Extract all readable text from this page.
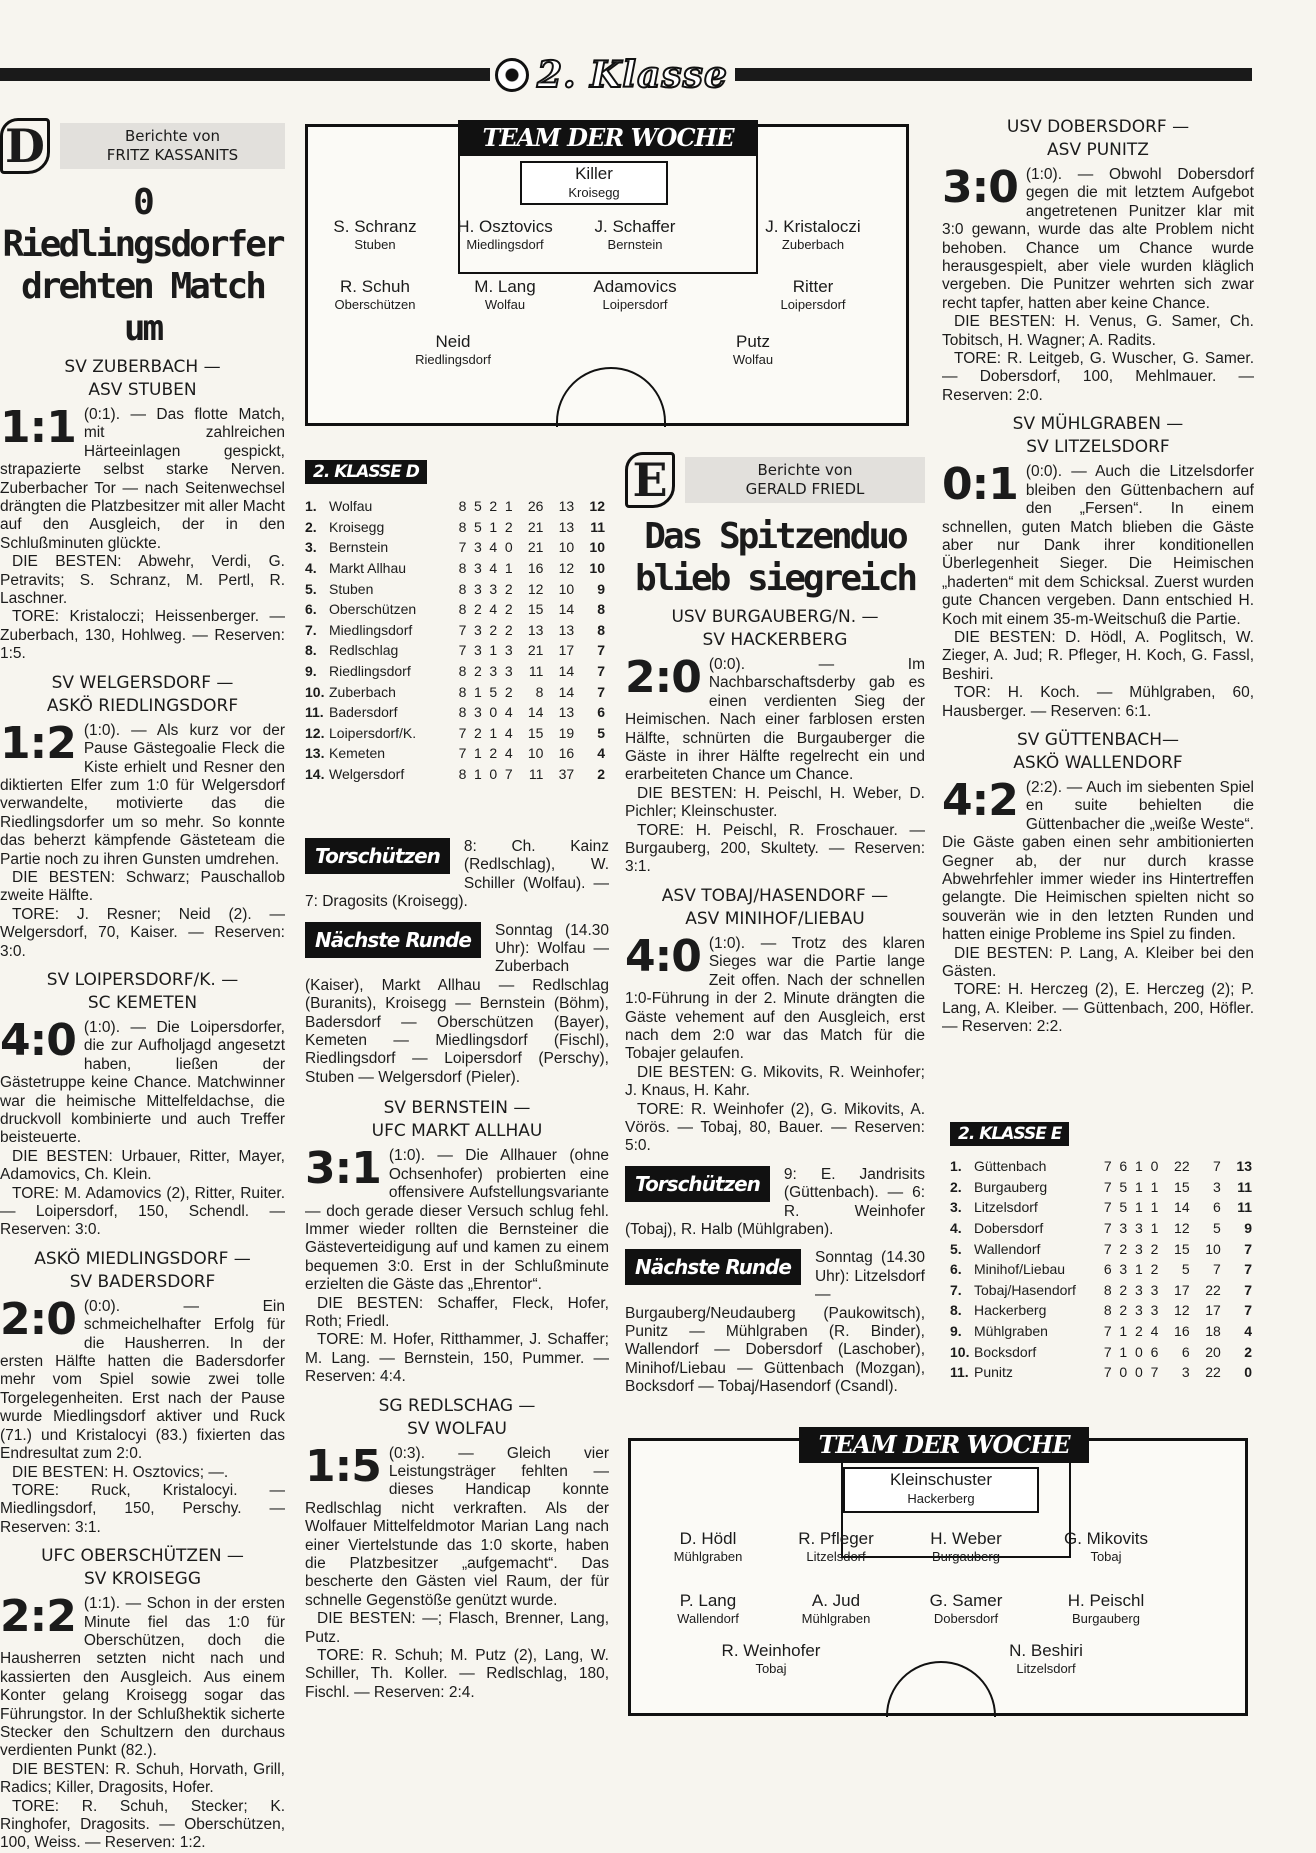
2. Klasse
D	Berichte von
FRITZ KASSANITS
0 Riedlingsdorfer
drehten Match um
SV ZUBERBACH —
ASV STUBEN

1:1 (0:1). — Das flotte Match, mit zahlreichen Härteeinlagen gespickt, strapazierte selbst starke Nerven. Zuberbacher Tor — nach Seitenwechsel drängten die Platzbesitzer mit aller Macht auf den Ausgleich, der in den Schlußminuten glückte.

DIE BESTEN: Abwehr, Verdi, G. Petravits; S. Schranz, M. Pertl, R. Laschner.

TORE: Kristaloczi; Heissenberger. — Zuberbach, 130, Hohlweg. — Reserven: 1:5.

SV WELGERSDORF —
ASKÖ RIEDLINGSDORF

1:2 (1:0). — Als kurz vor der Pause Gästegoalie Fleck die Kiste erhielt und Resner den diktierten Elfer zum 1:0 für Welgersdorf verwandelte, motivierte das die Riedlingsdorfer um so mehr. So konnte das beherzt kämpfende Gästeteam die Partie noch zu ihren Gunsten umdrehen.

DIE BESTEN: Schwarz; Pauschallob zweite Hälfte.

TORE: J. Resner; Neid (2). — Welgersdorf, 70, Kaiser. — Reserven: 3:0.

SV LOIPERSDORF/K. —
SC KEMETEN

4:0 (1:0). — Die Loipersdorfer, die zur Aufholjagd angesetzt haben, ließen der Gästetruppe keine Chance. Matchwinner war die heimische Mittelfeldachse, die druckvoll kombinierte und auch Treffer beisteuerte.

DIE BESTEN: Urbauer, Ritter, Mayer, Adamovics, Ch. Klein.

TORE: M. Adamovics (2), Ritter, Ruiter. — Loipersdorf, 150, Schendl. — Reserven: 3:0.

ASKÖ MIEDLINGSDORF —
SV BADERSDORF

2:0 (0:0). — Ein schmeichelhafter Erfolg für die Hausherren. In der ersten Hälfte hatten die Badersdorfer mehr vom Spiel sowie zwei tolle Torgelegenheiten. Erst nach der Pause wurde Miedlingsdorf aktiver und Ruck (71.) und Kristalocyi (83.) fixierten das Endresultat zum 2:0.

DIE BESTEN: H. Osztovics; —.

TORE: Ruck, Kristalocyi. — Miedlingsdorf, 150, Perschy. — Reserven: 3:1.

UFC OBERSCHÜTZEN —
SV KROISEGG

2:2 (1:1). — Schon in der ersten Minute fiel das 1:0 für Oberschützen, doch die Hausherren setzten nicht nach und kassierten den Ausgleich. Aus einem Konter gelang Kroisegg sogar das Führungstor. In der Schlußhektik sicherte Stecker den Schultzern den durchaus verdienten Punkt (82.).

DIE BESTEN: R. Schuh, Horvath, Grill, Radics; Killer, Dragosits, Hofer.

TORE: R. Schuh, Stecker; K. Ringhofer, Dragosits. — Oberschützen, 100, Weiss. — Reserven: 1:2.

TEAM DER WOCHE
Killer
Kroisegg
S. Schranz
Stuben
H. Osztovics
Miedlingsdorf
J. Schaffer
Bernstein
J. Kristaloczi
Zuberbach
R. Schuh
Oberschützen
M. Lang
Wolfau
Adamovics
Loipersdorf
Ritter
Loipersdorf
Neid
Riedlingsdorf
Putz
Wolfau
2. KLASSE D
1.	Wolfau	8	5	2	1	26	13	12
2.	Kroisegg	8	5	1	2	21	13	11
3.	Bernstein	7	3	4	0	21	10	10
4.	Markt Allhau	8	3	4	1	16	12	10
5.	Stuben	8	3	3	2	12	10	9
6.	Oberschützen	8	2	4	2	15	14	8
7.	Miedlingsdorf	7	3	2	2	13	13	8
8.	Redlschlag	7	3	1	3	21	17	7
9.	Riedlingsdorf	8	2	3	3	11	14	7
10.	Zuberbach	8	1	5	2	8	14	7
11.	Badersdorf	8	3	0	4	14	13	6
12.	Loipersdorf/K.	7	2	1	4	15	19	5
13.	Kemeten	7	1	2	4	10	16	4
14.	Welgersdorf	8	1	0	7	11	37	2
Torschützen	8: Ch. Kainz (Redlschlag), W. Schiller (Wolfau). — 7: Dragosits (Kroisegg).

Nächste Runde	Sonntag (14.30 Uhr): Wolfau — Zuberbach (Kaiser), Markt Allhau — Redlschlag (Buranits), Kroisegg — Bernstein (Böhm), Badersdorf — Oberschützen (Bayer), Kemeten — Miedlingsdorf (Fischl), Riedlingsdorf — Loipersdorf (Perschy), Stuben — Welgersdorf (Pieler).

SV BERNSTEIN —
UFC MARKT ALLHAU

3:1 (1:0). — Die Allhauer (ohne Ochsenhofer) probierten eine offensivere Aufstellungsvariante — doch gerade dieser Versuch schlug fehl. Immer wieder rollten die Bernsteiner die Gästeverteidigung auf und kamen zu einem bequemen 3:0. Erst in der Schlußminute erzielten die Gäste das „Ehrentor“.

DIE BESTEN: Schaffer, Fleck, Hofer, Roth; Friedl.

TORE: M. Hofer, Ritthammer, J. Schaffer; M. Lang. — Bernstein, 150, Pummer. — Reserven: 4:4.

SG REDLSCHAG —
SV WOLFAU

1:5 (0:3). — Gleich vier Leistungsträger fehlten — dieses Handicap konnte Redlschlag nicht verkraften. Als der Wolfauer Mittelfeldmotor Marian Lang nach einer Viertelstunde das 1:0 skorte, haben die Platzbesitzer „aufgemacht“. Das bescherte den Gästen viel Raum, der für schnelle Gegenstöße genützt wurde.

DIE BESTEN: —; Flasch, Brenner, Lang, Putz.

TORE: R. Schuh; M. Putz (2), Lang, W. Schiller, Th. Koller. — Redlschlag, 180, Fischl. — Reserven: 2:4.

E	Berichte von
GERALD FRIEDL
Das Spitzenduo
blieb siegreich
USV BURGAUBERG/N. —
SV HACKERBERG

2:0 (0:0). — Im Nachbarschaftsderby gab es einen verdienten Sieg der Heimischen. Nach einer farblosen ersten Hälfte, schnürten die Burgauberger die Gäste in ihrer Hälfte regelrecht ein und erarbeiteten Chance um Chance.

DIE BESTEN: H. Peischl, H. Weber, D. Pichler; Kleinschuster.

TORE: H. Peischl, R. Froschauer. — Burgauberg, 200, Skultety. — Reserven: 3:1.

ASV TOBAJ/HASENDORF —
ASV MINIHOF/LIEBAU

4:0 (1:0). — Trotz des klaren Sieges war die Partie lange Zeit offen. Nach der schnellen 1:0-Führung in der 2. Minute drängten die Gäste vehement auf den Ausgleich, erst nach dem 2:0 war das Match für die Tobajer gelaufen.

DIE BESTEN: G. Mikovits, R. Weinhofer; J. Knaus, H. Kahr.

TORE: R. Weinhofer (2), G. Mikovits, A. Vörös. — Tobaj, 80, Bauer. — Reserven: 5:0.

Torschützen	9: E. Jandrisits (Güttenbach). — 6: R. Weinhofer (Tobaj), R. Halb (Mühlgraben).

Nächste Runde	Sonntag (14.30 Uhr): Litzelsdorf — Burgauberg/Neudauberg (Paukowitsch), Punitz — Mühlgraben (R. Binder), Wallendorf — Dobersdorf (Laschober), Minihof/Liebau — Güttenbach (Mozgan), Bocksdorf — Tobaj/Hasendorf (Csandl).

USV DOBERSDORF —
ASV PUNITZ

3:0 (1:0). — Obwohl Dobersdorf gegen die mit letztem Aufgebot angetretenen Punitzer klar mit 3:0 gewann, wurde das alte Problem nicht behoben. Chance um Chance wurde herausgespielt, aber viele wurden kläglich vergeben. Die Punitzer wehrten sich zwar recht tapfer, hatten aber keine Chance.

DIE BESTEN: H. Venus, G. Samer, Ch. Tobitsch, H. Wagner; A. Radits.

TORE: R. Leitgeb, G. Wuscher, G. Samer. — Dobersdorf, 100, Mehlmauer. — Reserven: 2:0.

SV MÜHLGRABEN —
SV LITZELSDORF

0:1 (0:0). — Auch die Litzelsdorfer bleiben den Güttenbachern auf den „Fersen“. In einem schnellen, guten Match blieben die Gäste aber nur Dank ihrer konditionellen Überlegenheit Sieger. Die Heimischen „haderten“ mit dem Schicksal. Zuerst wurden gute Chancen vergeben. Dann entschied H. Koch mit einem 35-m-Weitschuß die Partie.

DIE BESTEN: D. Hödl, A. Poglitsch, W. Zieger, A. Jud; R. Pfleger, H. Koch, G. Fassl, Beshiri.

TOR: H. Koch. — Mühlgraben, 60, Hausberger. — Reserven: 6:1.

SV GÜTTENBACH—
ASKÖ WALLENDORF

4:2 (2:2). — Auch im siebenten Spiel en suite behielten die Güttenbacher die „weiße Weste“. Die Gäste gaben einen sehr ambitionierten Gegner ab, der nur durch krasse Abwehrfehler immer wieder ins Hintertreffen gelangte. Die Heimischen spielten nicht so souverän wie in den letzten Runden und hatten einige Probleme ins Spiel zu finden.

DIE BESTEN: P. Lang, A. Kleiber bei den Gästen.

TORE: H. Herczeg (2), E. Herczeg (2); P. Lang, A. Kleiber. — Güttenbach, 200, Höfler. — Reserven: 2:2.

2. KLASSE E
1.	Güttenbach	7	6	1	0	22	7	13
2.	Burgauberg	7	5	1	1	15	3	11
3.	Litzelsdorf	7	5	1	1	14	6	11
4.	Dobersdorf	7	3	3	1	12	5	9
5.	Wallendorf	7	2	3	2	15	10	7
6.	Minihof/Liebau	6	3	1	2	5	7	7
7.	Tobaj/Hasendorf	8	2	3	3	17	22	7
8.	Hackerberg	8	2	3	3	12	17	7
9.	Mühlgraben	7	1	2	4	16	18	4
10.	Bocksdorf	7	1	0	6	6	20	2
11.	Punitz	7	0	0	7	3	22	0
TEAM DER WOCHE
Kleinschuster
Hackerberg
D. Hödl
Mühlgraben
R. Pfleger
Litzelsdorf
H. Weber
Burgauberg
G. Mikovits
Tobaj
P. Lang
Wallendorf
A. Jud
Mühlgraben
G. Samer
Dobersdorf
H. Peischl
Burgauberg
R. Weinhofer
Tobaj
N. Beshiri
Litzelsdorf
